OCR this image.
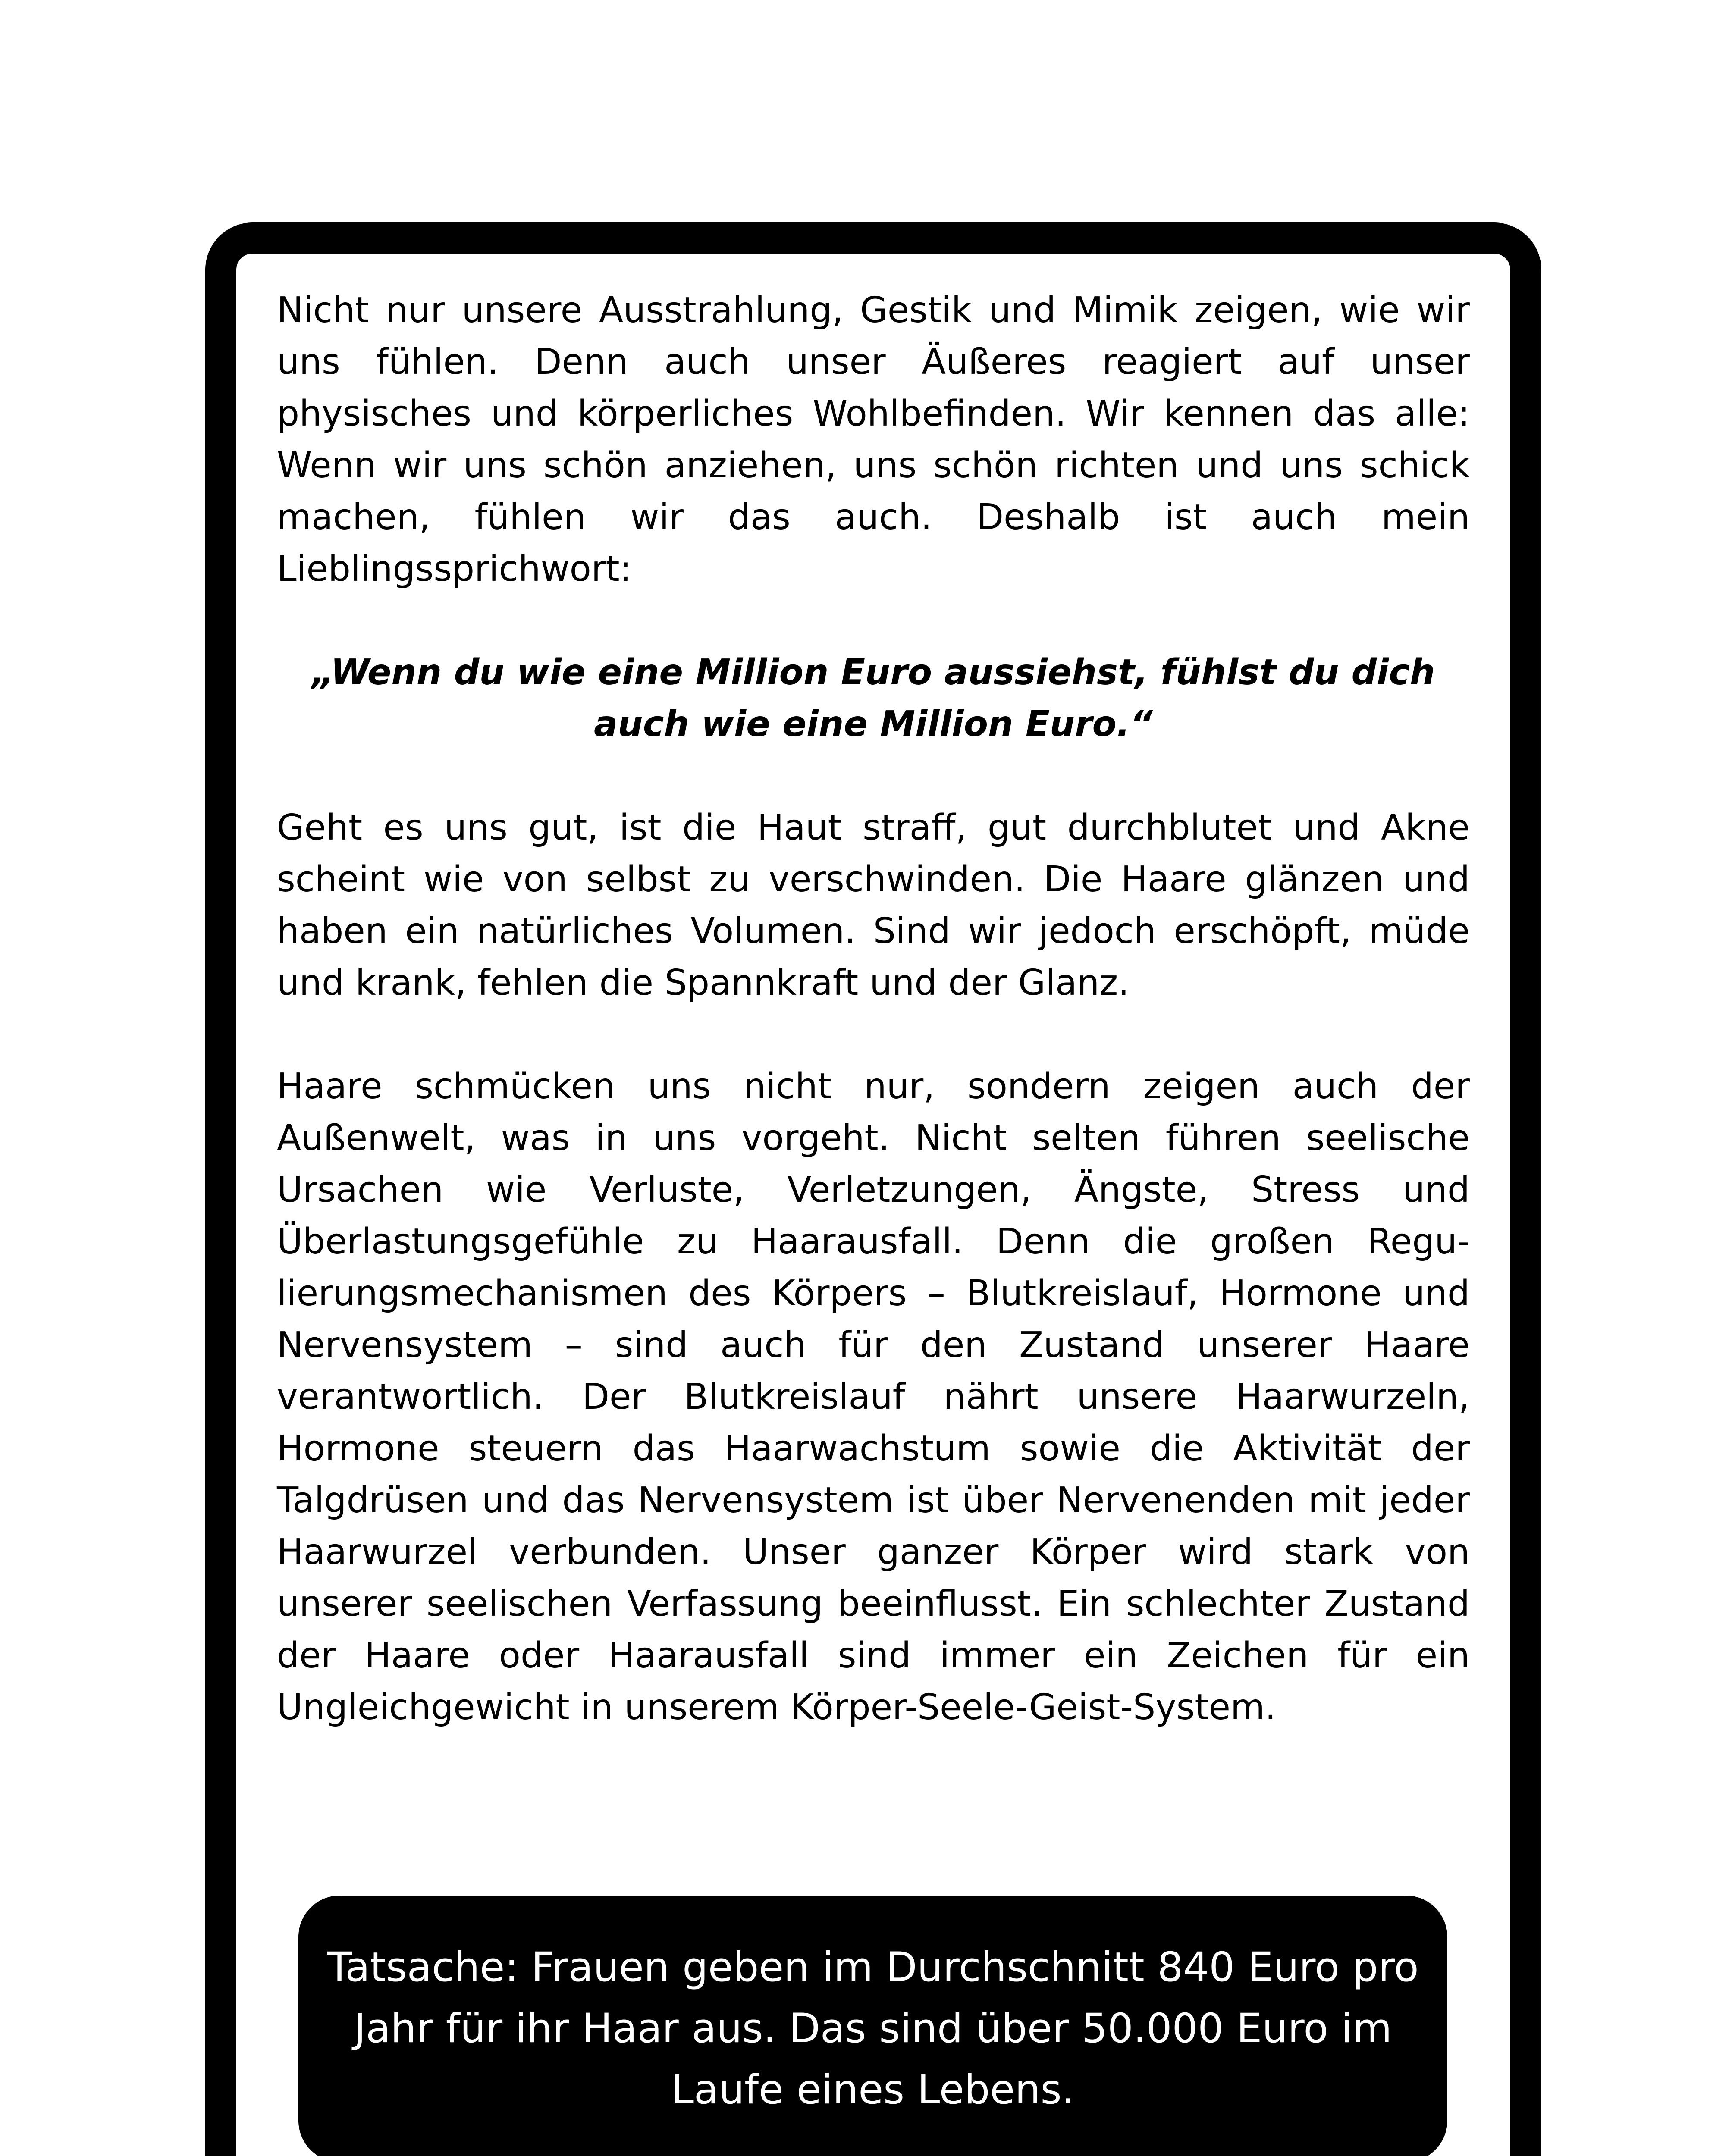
Nicht nur unsere Ausstrahlung, Gestik und Mimik zeigen, wie wir uns fühlen. Denn auch unser Äußeres reagiert auf unser physisches und körperliches Wohlbefinden. Wir kennen das alle: Wenn wir uns schön anziehen, uns schön richten und uns schick machen, fühlen wir das auch. Deshalb ist auch mein Lieblingssprichwort:

„Wenn du wie eine Million Euro aussiehst, fühlst du dich auch wie eine Million Euro.“

Geht es uns gut, ist die Haut straff, gut durchblutet und Akne scheint wie von selbst zu verschwinden. Die Haare glänzen und haben ein natürliches Volumen. Sind wir jedoch erschöpft, müde und krank, fehlen die Spannkraft und der Glanz.

Haare schmücken uns nicht nur, sondern zeigen auch der Außenwelt, was in uns vorgeht. Nicht selten führen seelische Ursachen wie Verluste, Verletzungen, Ängste, Stress und Überlastungsgefühle zu Haarausfall. Denn die großen Regulierungsmechanismen des Körpers – Blutkreislauf, Hormone und Nervensystem – sind auch für den Zustand unserer Haare verantwortlich. Der Blutkreislauf nährt unsere Haarwurzeln, Hormone steuern das Haarwachstum sowie die Aktivität der Talgdrüsen und das Nervensystem ist über Nervenenden mit jeder Haarwurzel verbunden. Unser ganzer Körper wird stark von unserer seelischen Verfassung beeinflusst. Ein schlechter Zustand der Haare oder Haarausfall sind immer ein Zeichen für ein Ungleichgewicht in unserem Körper-Seele-Geist-System.

Tatsache: Frauen geben im Durchschnitt 840 Euro pro Jahr für ihr Haar aus. Das sind über 50.000 Euro im Laufe eines Lebens.
